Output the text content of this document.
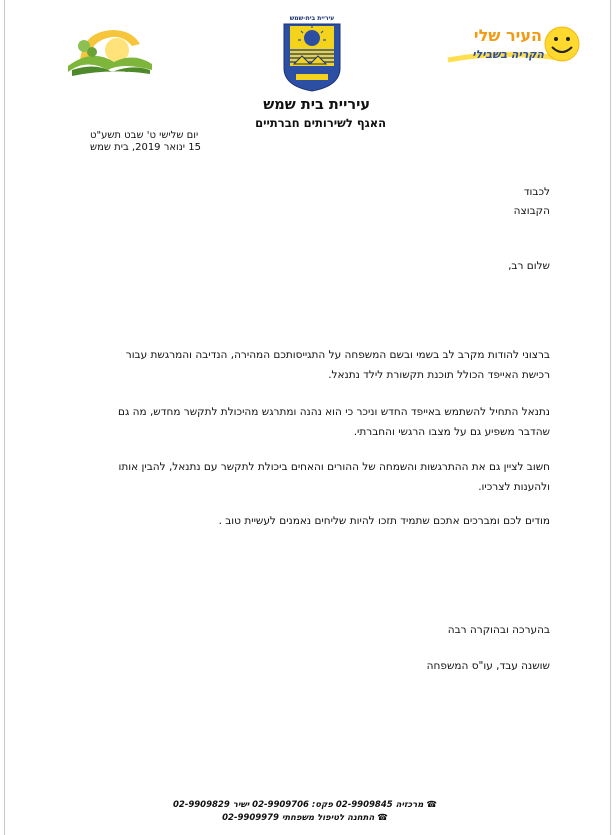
בית שמש
עיריית בית-שמש
העיר שלי
הקריה בשבילי
עיריית בית שמש
האגף לשירותים חברתיים
יום שלישי ט' שבט תשע"ט
15 ינואר 2019, בית שמש
לכבוד
הקבוצה
שלום רב,
ברצוני להודות מקרב לב בשמי ובשם המשפחה על התגייסותכם המהירה, הנדיבה והמרגשת עבור רכישת האייפד הכולל תוכנת תקשורת לילד נתנאל.
נתנאל התחיל להשתמש באייפד החדש וניכר כי הוא נהנה ומתרגש מהיכולת לתקשר מחדש, מה גם שהדבר משפיע גם על מצבו הרגשי והחברתי.
חשוב לציין גם את ההתרגשות והשמחה של ההורים והאחים ביכולת לתקשר עם נתנאל, להבין אותו ולהענות לצרכיו.
מודים לכם ומברכים אתכם שתמיד תזכו להיות שליחים נאמנים לעשיית טוב .
בהערכה ובהוקרה רבה
שושנה עבד, עו"ס המשפחה
☎ מרכזיה 02-9909845 פקס: 02-9909706 ישיר 02-9909829
☎ התחנה לטיפול משפחתי 02-9909979
